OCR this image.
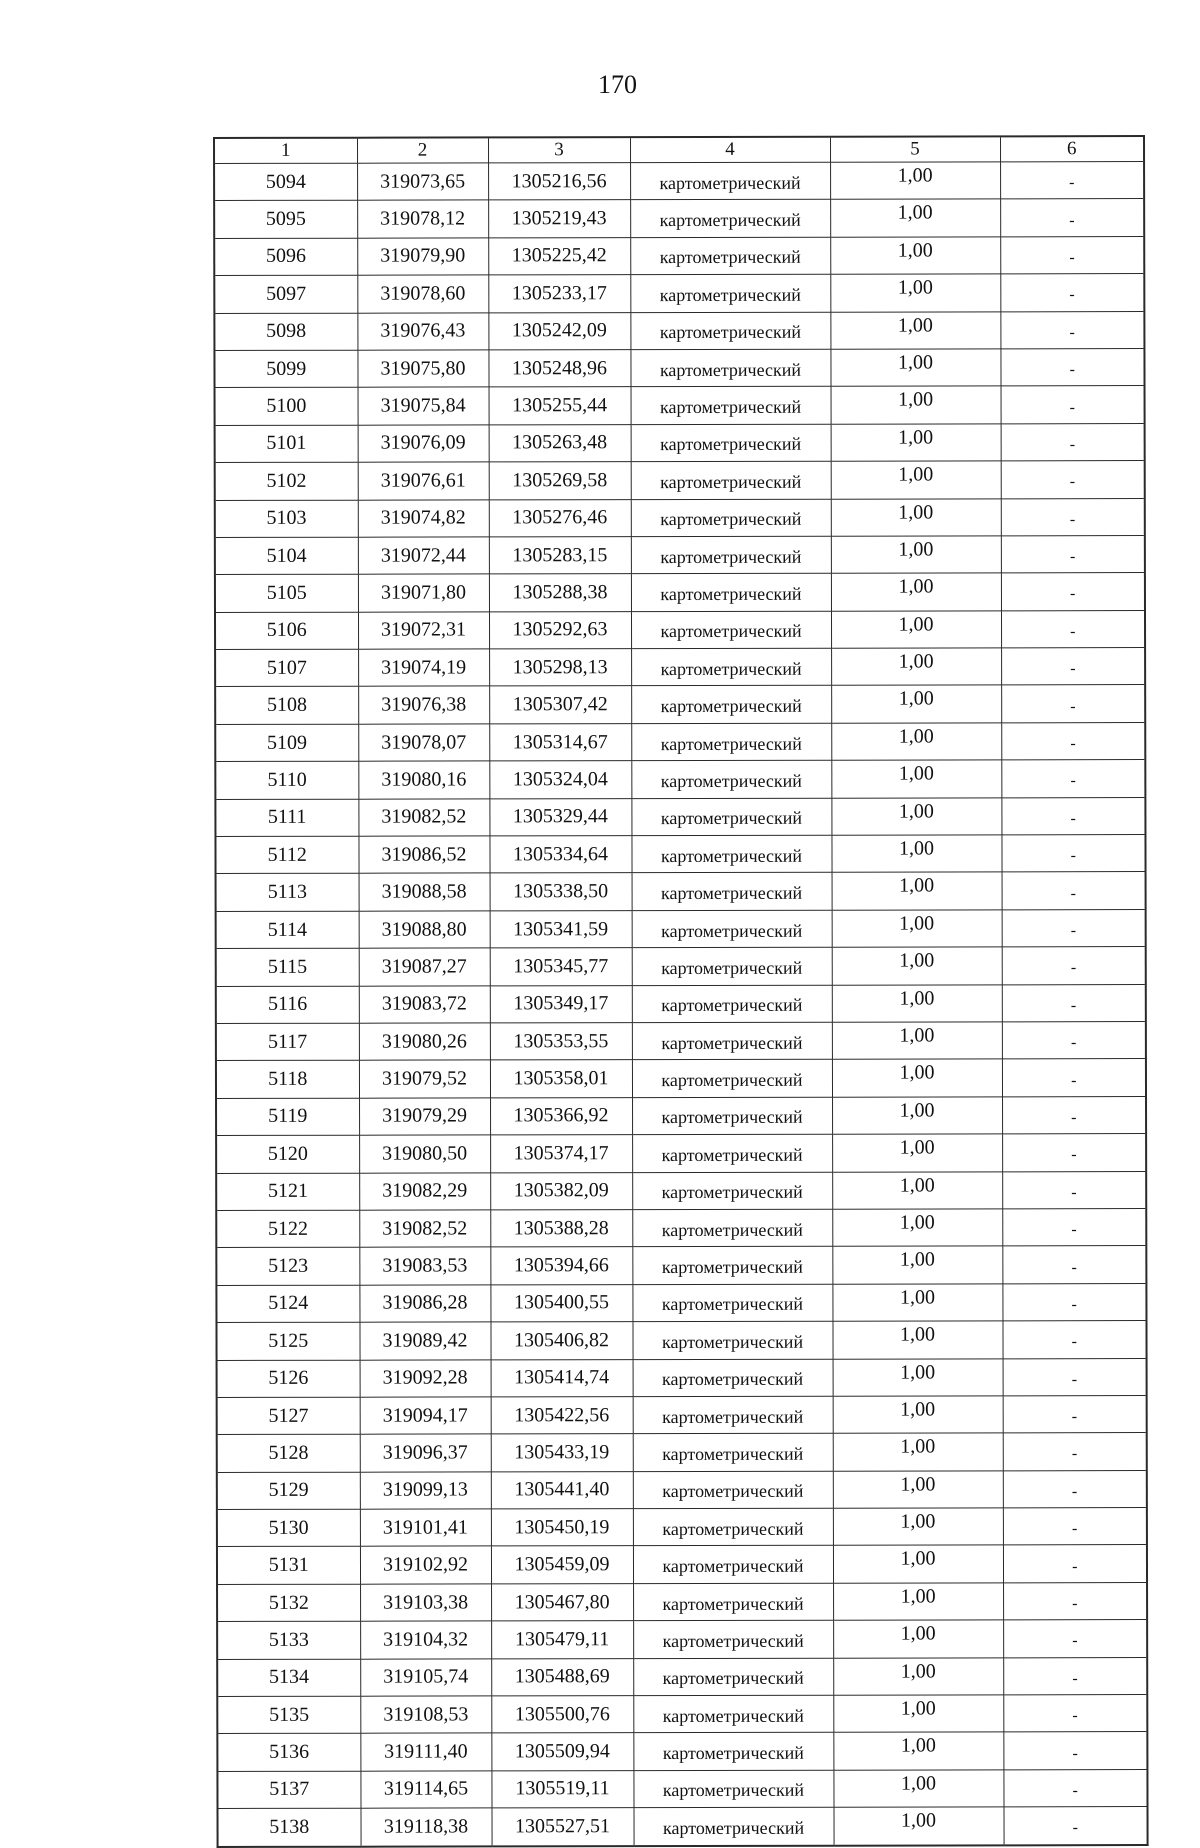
170
1	2	3	4	5	6
5094	319073,65	1305216,56	картометрический	1,00	-
5095	319078,12	1305219,43	картометрический	1,00	-
5096	319079,90	1305225,42	картометрический	1,00	-
5097	319078,60	1305233,17	картометрический	1,00	-
5098	319076,43	1305242,09	картометрический	1,00	-
5099	319075,80	1305248,96	картометрический	1,00	-
5100	319075,84	1305255,44	картометрический	1,00	-
5101	319076,09	1305263,48	картометрический	1,00	-
5102	319076,61	1305269,58	картометрический	1,00	-
5103	319074,82	1305276,46	картометрический	1,00	-
5104	319072,44	1305283,15	картометрический	1,00	-
5105	319071,80	1305288,38	картометрический	1,00	-
5106	319072,31	1305292,63	картометрический	1,00	-
5107	319074,19	1305298,13	картометрический	1,00	-
5108	319076,38	1305307,42	картометрический	1,00	-
5109	319078,07	1305314,67	картометрический	1,00	-
5110	319080,16	1305324,04	картометрический	1,00	-
5111	319082,52	1305329,44	картометрический	1,00	-
5112	319086,52	1305334,64	картометрический	1,00	-
5113	319088,58	1305338,50	картометрический	1,00	-
5114	319088,80	1305341,59	картометрический	1,00	-
5115	319087,27	1305345,77	картометрический	1,00	-
5116	319083,72	1305349,17	картометрический	1,00	-
5117	319080,26	1305353,55	картометрический	1,00	-
5118	319079,52	1305358,01	картометрический	1,00	-
5119	319079,29	1305366,92	картометрический	1,00	-
5120	319080,50	1305374,17	картометрический	1,00	-
5121	319082,29	1305382,09	картометрический	1,00	-
5122	319082,52	1305388,28	картометрический	1,00	-
5123	319083,53	1305394,66	картометрический	1,00	-
5124	319086,28	1305400,55	картометрический	1,00	-
5125	319089,42	1305406,82	картометрический	1,00	-
5126	319092,28	1305414,74	картометрический	1,00	-
5127	319094,17	1305422,56	картометрический	1,00	-
5128	319096,37	1305433,19	картометрический	1,00	-
5129	319099,13	1305441,40	картометрический	1,00	-
5130	319101,41	1305450,19	картометрический	1,00	-
5131	319102,92	1305459,09	картометрический	1,00	-
5132	319103,38	1305467,80	картометрический	1,00	-
5133	319104,32	1305479,11	картометрический	1,00	-
5134	319105,74	1305488,69	картометрический	1,00	-
5135	319108,53	1305500,76	картометрический	1,00	-
5136	319111,40	1305509,94	картометрический	1,00	-
5137	319114,65	1305519,11	картометрический	1,00	-
5138	319118,38	1305527,51	картометрический	1,00	-
